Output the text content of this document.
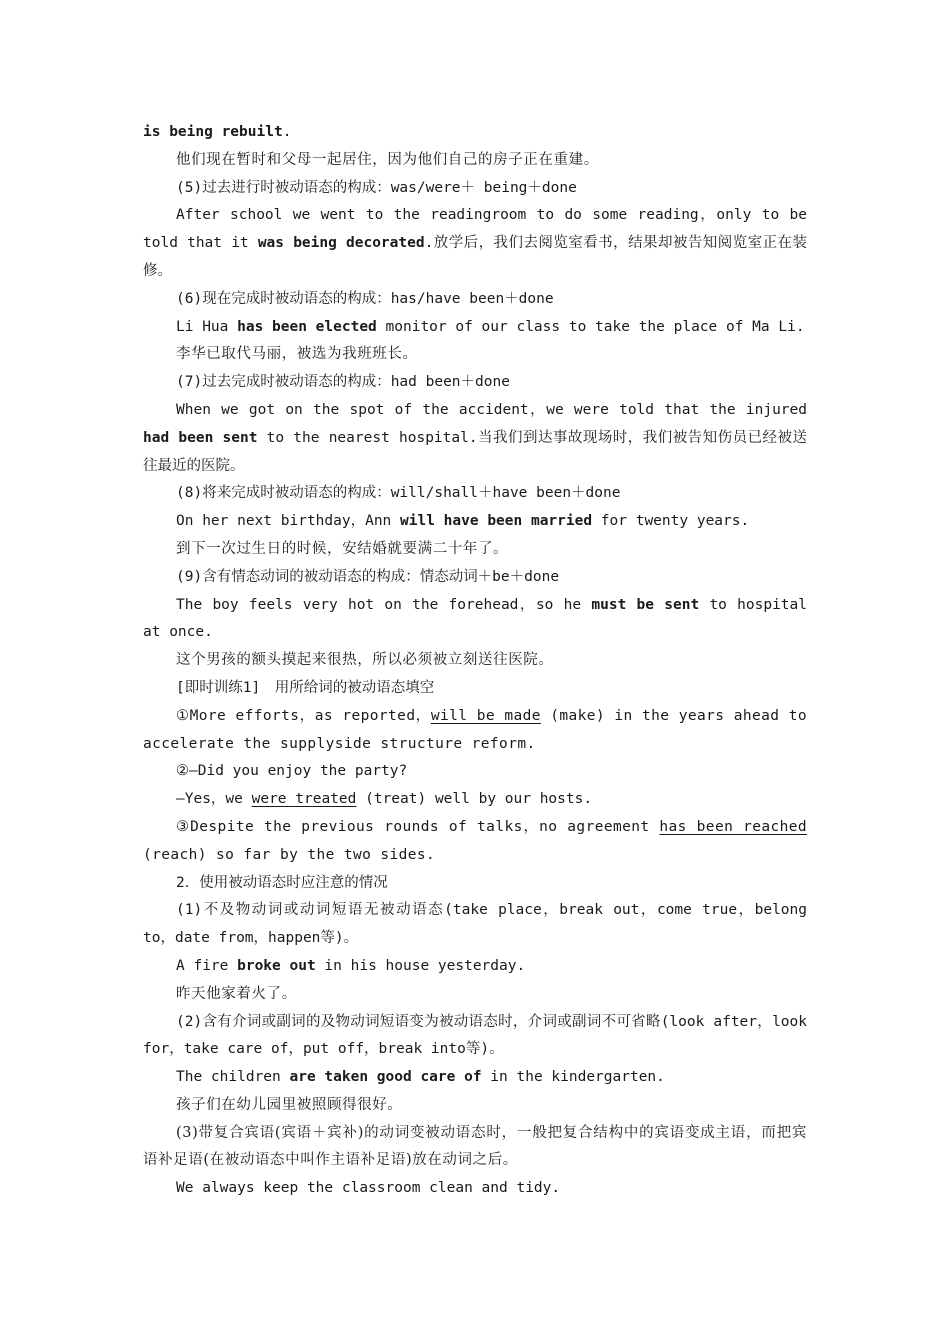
is being rebuilt.

他们现在暂时和父母一起居住，因为他们自己的房子正在重建。

(5)过去进行时被动语态的构成：was/were＋ being＋done

After school we went to the readingroom to do some reading，only to be told that it was being decorated.放学后，我们去阅览室看书，结果却被告知阅览室正在装修。

(6)现在完成时被动语态的构成：has/have been＋done

Li Hua has been elected monitor of our class to take the place of Ma Li.

李华已取代马丽，被选为我班班长。

(7)过去完成时被动语态的构成：had been＋done

When we got on the spot of the accident，we were told that the injured had been sent to the nearest hospital.当我们到达事故现场时，我们被告知伤员已经被送往最近的医院。

(8)将来完成时被动语态的构成：will/shall＋have been＋done

On her next birthday，Ann will have been married for twenty years.

到下一次过生日的时候，安结婚就要满二十年了。

(9)含有情态动词的被动语态的构成：情态动词＋be＋done

The boy feels very hot on the forehead，so he must be sent to hospital at once.

这个男孩的额头摸起来很热，所以必须被立刻送往医院。

[即时训练1]　用所给词的被动语态填空

①More efforts，as reported，will be made (make) in the years ahead to accelerate the supplyside structure reform.

②—Did you enjoy the party?

—Yes，we were treated (treat) well by our hosts.

③Despite the previous rounds of talks，no agreement has been reached (reach) so far by the two sides.

2．使用被动语态时应注意的情况

(1)不及物动词或动词短语无被动语态(take place，break out，come true，belong to，date from，happen等)。

A fire broke out in his house yesterday.

昨天他家着火了。

(2)含有介词或副词的及物动词短语变为被动语态时，介词或副词不可省略(look after，look for，take care of，put off，break into等)。

The children are taken good care of in the kindergarten.

孩子们在幼儿园里被照顾得很好。

(3)带复合宾语(宾语＋宾补)的动词变被动语态时，一般把复合结构中的宾语变成主语，而把宾语补足语(在被动语态中叫作主语补足语)放在动词之后。

We always keep the classroom clean and tidy.
